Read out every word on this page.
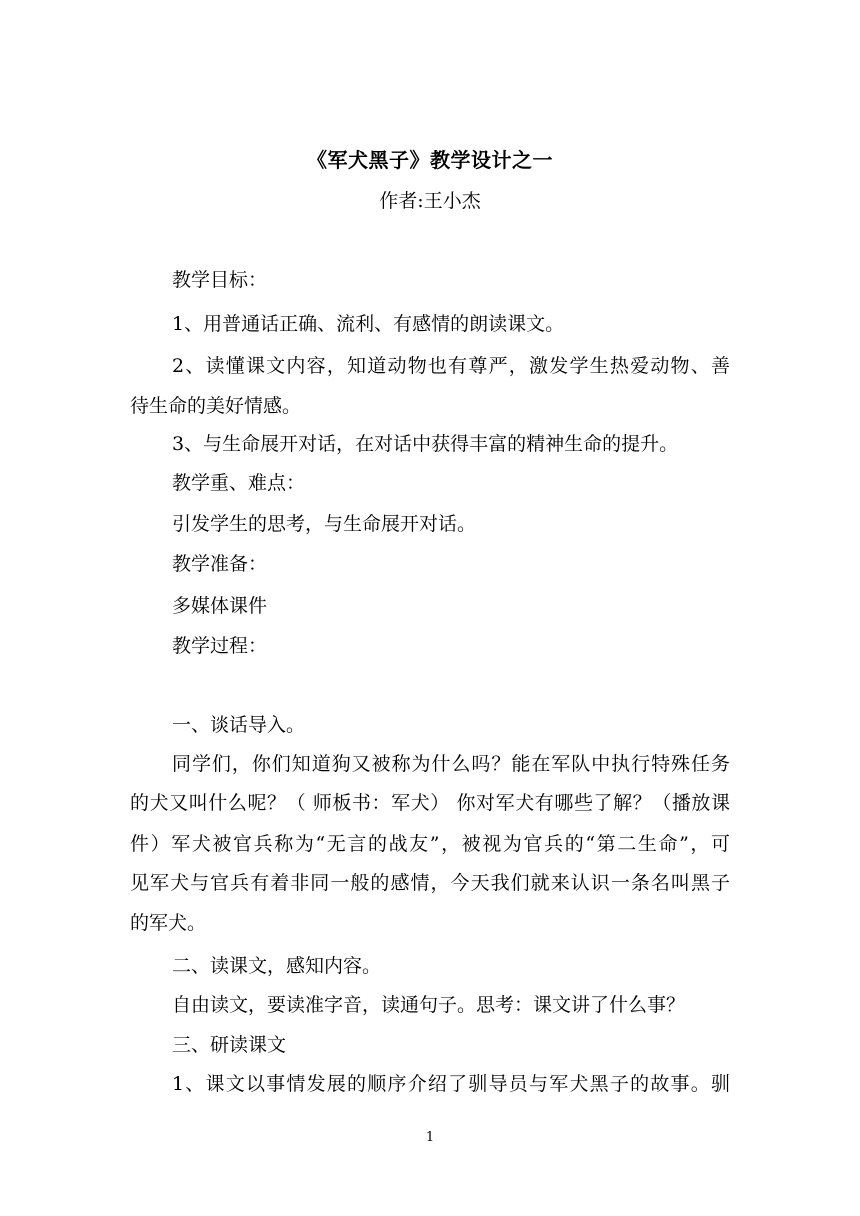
《军犬黑子》教学设计之一
作者:王小杰
教学目标：
1、用普通话正确、流利、有感情的朗读课文。
2、读懂课文内容，知道动物也有尊严，激发学生热爱动物、善
待生命的美好情感。
3、与生命展开对话，在对话中获得丰富的精神生命的提升。
教学重、难点：
引发学生的思考，与生命展开对话。
教学准备：
多媒体课件
教学过程：
一、谈话导入。
同学们，你们知道狗又被称为什么吗？能在军队中执行特殊任务
的犬又叫什么呢？（ 师板书：军犬） 你对军犬有哪些了解？（播放课
件）军犬被官兵称为“无言的战友”，被视为官兵的“第二生命”，可
见军犬与官兵有着非同一般的感情，今天我们就来认识一条名叫黑子
的军犬。
二、读课文，感知内容。
自由读文，要读准字音，读通句子。思考：课文讲了什么事？
三、研读课文
1、课文以事情发展的顺序介绍了驯导员与军犬黑子的故事。驯
1
